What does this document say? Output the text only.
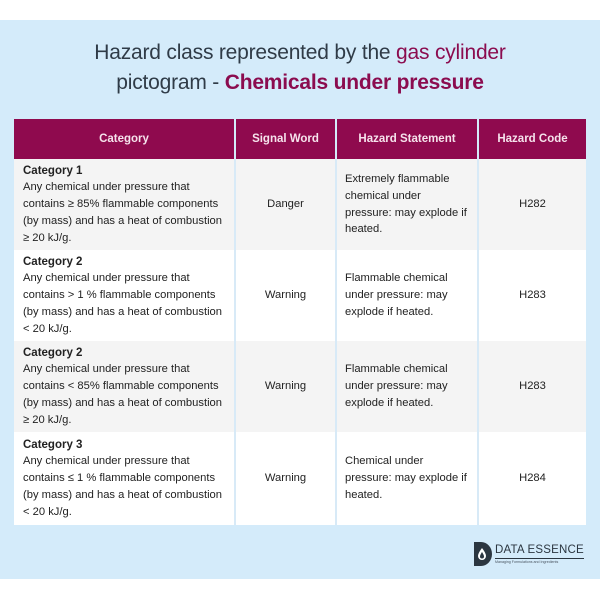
Hazard class represented by the gas cylinder
pictogram - Chemicals under pressure
Category	Signal Word	Hazard Statement	Hazard Code

Category 1
Any chemical under pressure that contains ≥ 85% flammable components (by mass) and has a heat of combustion ≥ 20 kJ/g.	Danger	Extremely flammable chemical under pressure: may explode if heated.	H282

Category 2
Any chemical under pressure that contains > 1 % flammable components (by mass) and has a heat of combustion < 20 kJ/g.	Warning	Flammable chemical under pressure: may explode if heated.	H283

Category 2
Any chemical under pressure that contains < 85% flammable components (by mass) and has a heat of combustion ≥ 20 kJ/g.	Warning	Flammable chemical under pressure: may explode if heated.	H283

Category 3
Any chemical under pressure that contains ≤ 1 % flammable components (by mass) and has a heat of combustion < 20 kJ/g.	Warning	Chemical under pressure: may explode if heated.	H284
DATA ESSENCE
Managing Formulations and Ingredients
